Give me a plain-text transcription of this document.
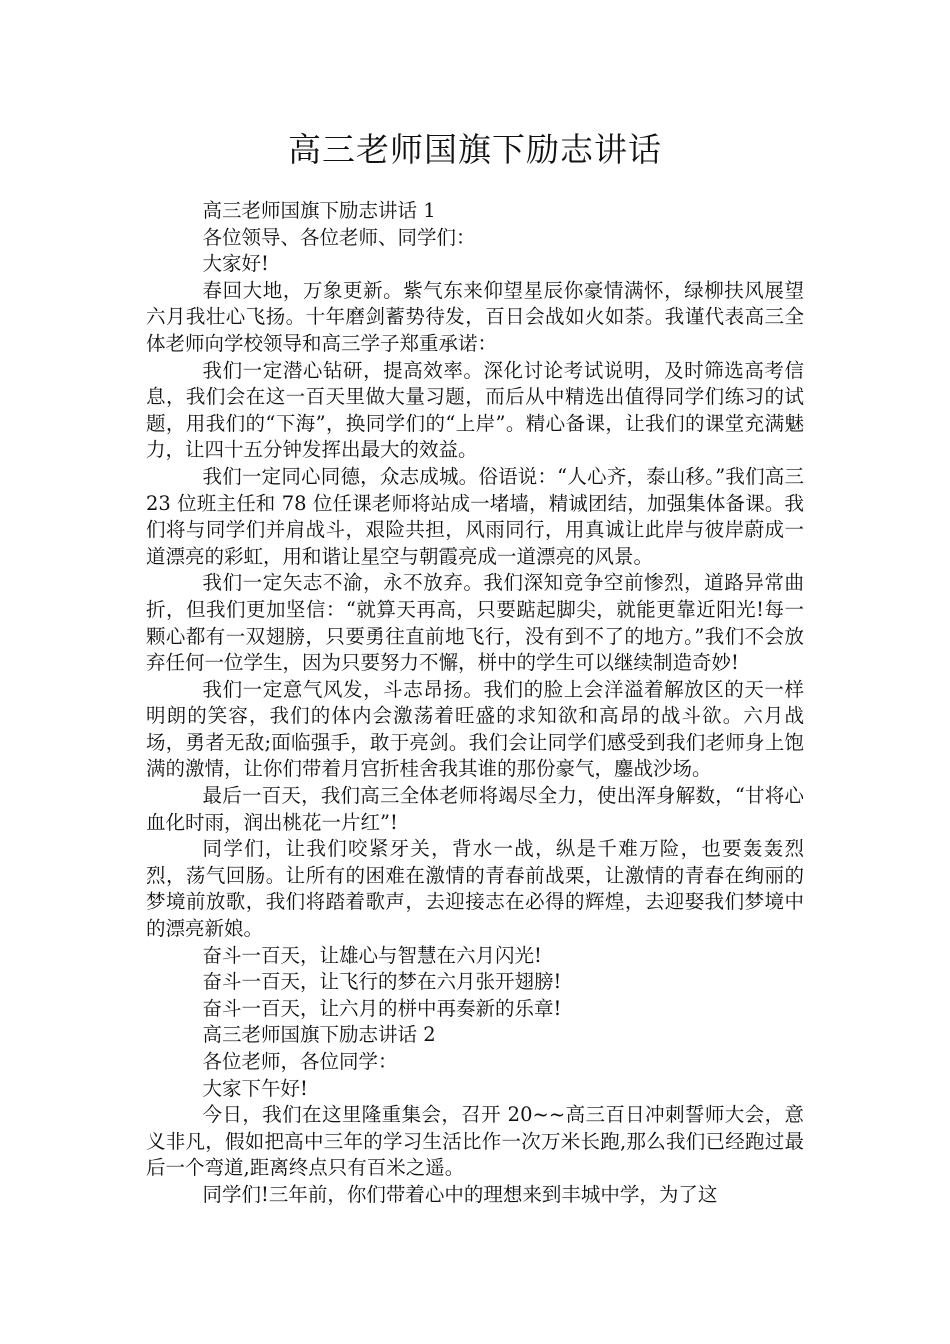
高三老师国旗下励志讲话

高三老师国旗下励志讲话 1

各位领导、各位老师、同学们：

大家好!

春回大地，万象更新。紫气东来仰望星辰你豪情满怀，绿柳扶风展望六月我壮心飞扬。十年磨剑蓄势待发，百日会战如火如荼。我谨代表高三全体老师向学校领导和高三学子郑重承诺：

我们一定潜心钻研，提高效率。深化讨论考试说明，及时筛选高考信息，我们会在这一百天里做大量习题，而后从中精选出值得同学们练习的试题，用我们的“下海”，换同学们的“上岸”。精心备课，让我们的课堂充满魅力，让四十五分钟发挥出最大的效益。

我们一定同心同德，众志成城。俗语说：“人心齐，泰山移。”我们高三 23 位班主任和 78 位任课老师将站成一堵墙，精诚团结，加强集体备课。我们将与同学们并肩战斗，艰险共担，风雨同行，用真诚让此岸与彼岸蔚成一道漂亮的彩虹，用和谐让星空与朝霞亮成一道漂亮的风景。

我们一定矢志不渝，永不放弃。我们深知竞争空前惨烈，道路异常曲折，但我们更加坚信：“就算天再高，只要踮起脚尖，就能更靠近阳光!每一颗心都有一双翅膀，只要勇往直前地飞行，没有到不了的地方。”我们不会放弃任何一位学生，因为只要努力不懈，栟中的学生可以继续制造奇妙!

我们一定意气风发，斗志昂扬。我们的脸上会洋溢着解放区的天一样明朗的笑容，我们的体内会激荡着旺盛的求知欲和高昂的战斗欲。六月战场，勇者无敌;面临强手，敢于亮剑。我们会让同学们感受到我们老师身上饱满的激情，让你们带着月宫折桂舍我其谁的那份豪气，鏖战沙场。

最后一百天，我们高三全体老师将竭尽全力，使出浑身解数，“甘将心血化时雨，润出桃花一片红”!

同学们，让我们咬紧牙关，背水一战，纵是千难万险，也要轰轰烈烈，荡气回肠。让所有的困难在激情的青春前战栗，让激情的青春在绚丽的梦境前放歌，我们将踏着歌声，去迎接志在必得的辉煌，去迎娶我们梦境中的漂亮新娘。

奋斗一百天，让雄心与智慧在六月闪光!

奋斗一百天，让飞行的梦在六月张开翅膀!

奋斗一百天，让六月的栟中再奏新的乐章!

高三老师国旗下励志讲话 2

各位老师，各位同学：

大家下午好!

今日，我们在这里隆重集会，召开 20~~高三百日冲刺誓师大会，意义非凡，假如把高中三年的学习生活比作一次万米长跑,那么我们已经跑过最后一个弯道,距离终点只有百米之遥。

同学们!三年前，你们带着心中的理想来到丰城中学，为了这
